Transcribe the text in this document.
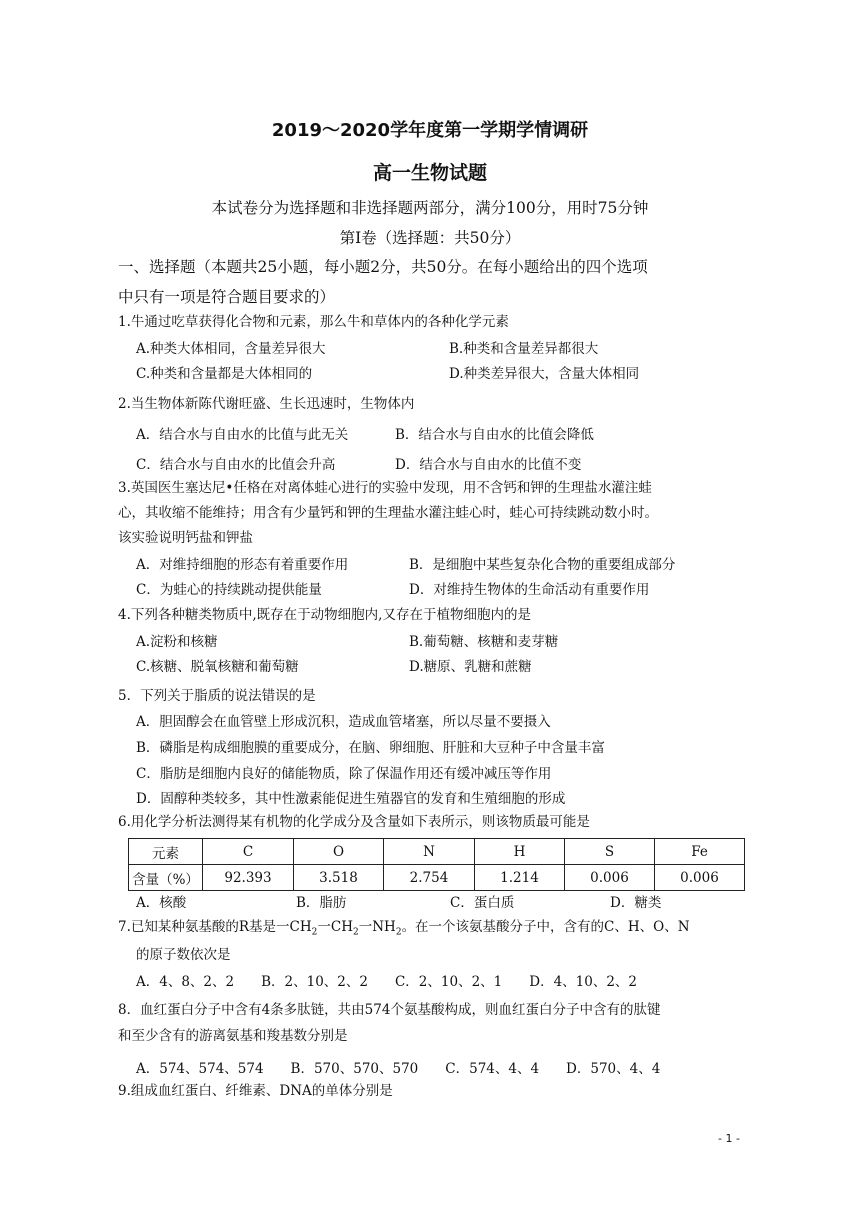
2019～2020学年度第一学期学情调研
高一生物试题
本试卷分为选择题和非选择题两部分，满分100分，用时75分钟
第Ⅰ卷（选择题：共50分）
一、选择题（本题共25小题，每小题2分，共50分。在每小题给出的四个选项
中只有一项是符合题目要求的）
1.牛通过吃草获得化合物和元素，那么牛和草体内的各种化学元素
A.种类大体相同，含量差异很大	B.种类和含量差异都很大
C.种类和含量都是大体相同的	D.种类差异很大，含量大体相同
2.当生物体新陈代谢旺盛、生长迅速时，生物体内
A．结合水与自由水的比值与此无关	B．结合水与自由水的比值会降低
C．结合水与自由水的比值会升高	D．结合水与自由水的比值不变
3.英国医生塞达尼•任格在对离体蛙心进行的实验中发现，用不含钙和钾的生理盐水灌注蛙
心，其收缩不能维持；用含有少量钙和钾的生理盐水灌注蛙心时，蛙心可持续跳动数小时。
该实验说明钙盐和钾盐
A．对维持细胞的形态有着重要作用	B．是细胞中某些复杂化合物的重要组成部分
C．为蛙心的持续跳动提供能量	D．对维持生物体的生命活动有重要作用
4.下列各种糖类物质中,既存在于动物细胞内,又存在于植物细胞内的是
A.淀粉和核糖	B.葡萄糖、核糖和麦芽糖
C.核糖、脱氧核糖和葡萄糖	D.糖原、乳糖和蔗糖
5．下列关于脂质的说法错误的是
A．胆固醇会在血管壁上形成沉积，造成血管堵塞，所以尽量不要摄入
B．磷脂是构成细胞膜的重要成分，在脑、卵细胞、肝脏和大豆种子中含量丰富
C．脂肪是细胞内良好的储能物质，除了保温作用还有缓冲减压等作用
D．固醇种类较多，其中性激素能促进生殖器官的发育和生殖细胞的形成
6.用化学分析法测得某有机物的化学成分及含量如下表所示，则该物质最可能是
元素	C	O	N	H	S	Fe
含量（%）	92.393	3.518	2.754	1.214	0.006	0.006
A．核酸	B．脂肪	C．蛋白质	D．糖类
7.已知某种氨基酸的R基是一$CH_2$一$CH_2$一$NH_2$。在一个该氨基酸分子中，含有的C、H、O、N
的原子数依次是
A．4、8、2、2　　B．2、10、2、2　　C．2、10、2、1　　D．4、10、2、2
8．血红蛋白分子中含有4条多肽链，共由574个氨基酸构成，则血红蛋白分子中含有的肽键
和至少含有的游离氨基和羧基数分别是
A．574、574、574　　B．570、570、570　　C．574、4、4　　D．570、4、4
9.组成血红蛋白、纤维素、DNA的单体分别是
- 1 -
